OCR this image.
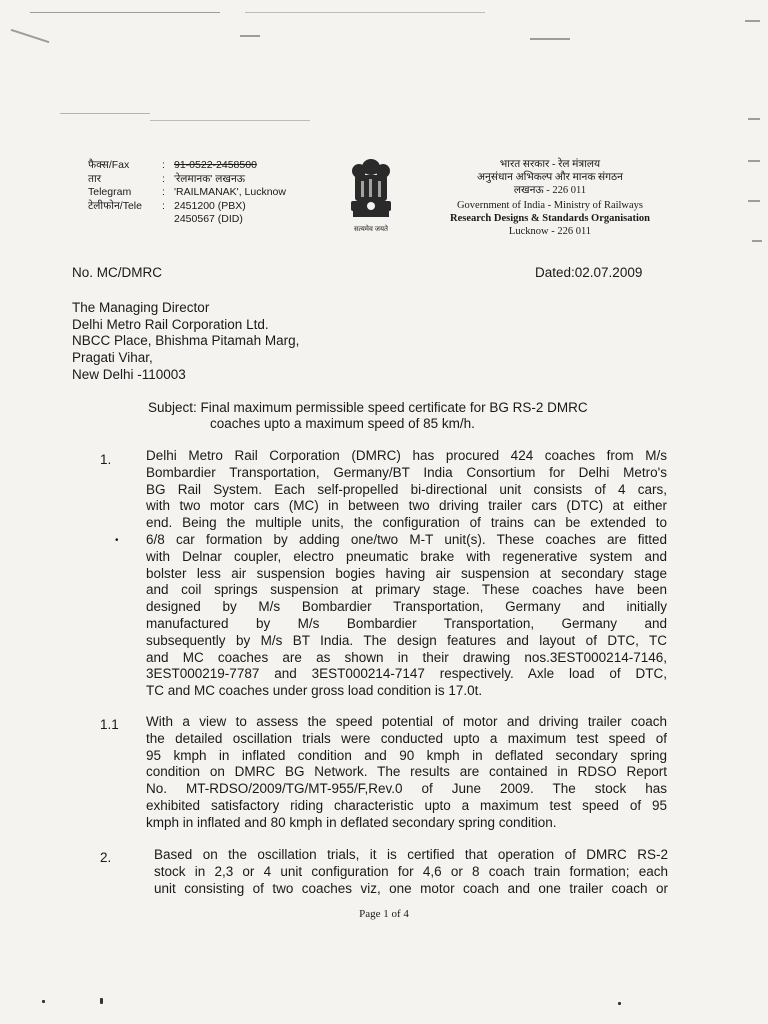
फैक्स/Fax	: 91-0522-2458500
तार	: 'रेलमानक' लखनऊ
Telegram	: 'RAILMANAK', Lucknow
टेलीफोन/Tele	: 2451200 (PBX)
2450567 (DID)
सत्यमेव जयते
भारत सरकार - रेल मंत्रालय
अनुसंधान अभिकल्प और मानक संगठन
लखनऊ - 226 011
Government of India - Ministry of Railways
Research Designs & Standards Organisation
Lucknow - 226 011
No. MC/DMRC	Dated:02.07.2009
The Managing Director
Delhi Metro Rail Corporation Ltd.
NBCC Place, Bhishma Pitamah Marg,
Pragati Vihar,
New Delhi -110003
Subject: Final maximum permissible speed certificate for BG RS-2 DMRC
coaches upto a maximum speed of 85 km/h.
1.	Delhi Metro Rail Corporation (DMRC) has procured 424 coaches from M/s
Bombardier Transportation, Germany/BT India Consortium for Delhi Metro's
BG Rail System. Each self-propelled bi-directional unit consists of 4 cars,
with two motor cars (MC) in between two driving trailer cars (DTC) at either
end. Being the multiple units, the configuration of trains can be extended to
6/8 car formation by adding one/two M-T unit(s). These coaches are fitted
with Delnar coupler, electro pneumatic brake with regenerative system and
bolster less air suspension bogies having air suspension at secondary stage
and coil springs suspension at primary stage. These coaches have been
designed by M/s Bombardier Transportation, Germany and initially
manufactured by M/s Bombardier Transportation, Germany and
subsequently by M/s BT India. The design features and layout of DTC, TC
and MC coaches are as shown in their drawing nos.3EST000214-7146,
3EST000219-7787 and 3EST000214-7147 respectively. Axle load of DTC,
TC and MC coaches under gross load condition is 17.0t.
•
1.1 With a view to assess the speed potential of motor and driving trailer coach
the detailed oscillation trials were conducted upto a maximum test speed of
95 kmph in inflated condition and 90 kmph in deflated secondary spring
condition on DMRC BG Network. The results are contained in RDSO Report
No. MT-RDSO/2009/TG/MT-955/F,Rev.0 of June 2009. The stock has
exhibited satisfactory riding characteristic upto a maximum test speed of 95
kmph in inflated and 80 kmph in deflated secondary spring condition.
2.	Based on the oscillation trials, it is certified that operation of DMRC RS-2
stock in 2,3 or 4 unit configuration for 4,6 or 8 coach train formation; each
unit consisting of two coaches viz, one motor coach and one trailer coach or
Page 1 of 4
